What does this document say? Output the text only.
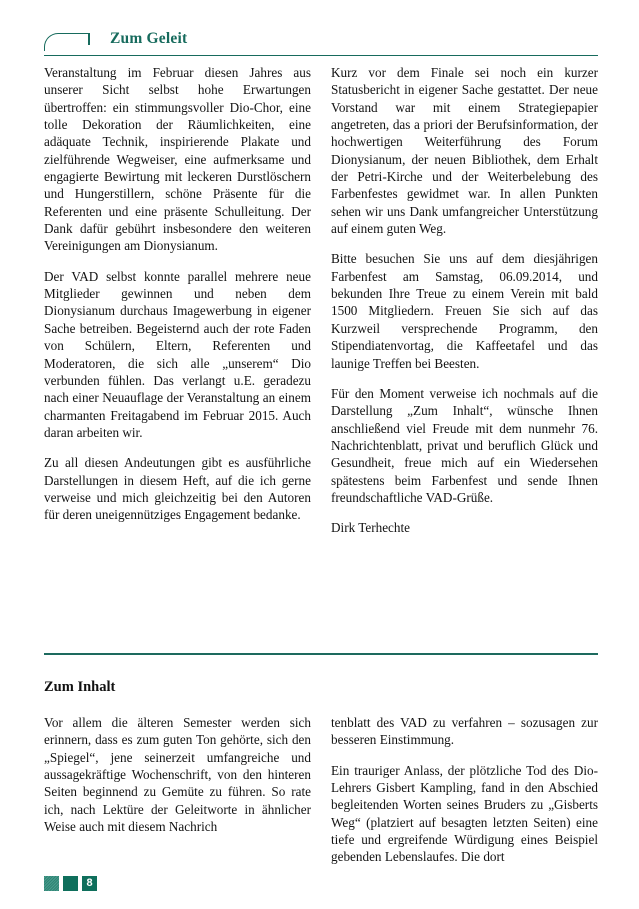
Zum Geleit

Veranstaltung im Februar diesen Jahres aus unserer Sicht selbst hohe Erwartungen übertroffen: ein stimmungsvoller Dio-Chor, eine tolle Dekoration der Räumlichkeiten, eine adäquate Technik, inspirierende Plakate und zielführende Wegweiser, eine aufmerksame und engagierte Bewirtung mit leckeren Durstlöschern und Hungerstillern, schöne Präsente für die Referenten und eine präsente Schulleitung. Der Dank dafür gebührt insbesondere den weiteren Vereinigungen am Dionysianum.

Der VAD selbst konnte parallel mehrere neue Mitglieder gewinnen und neben dem Dionysianum durchaus Imagewerbung in eigener Sache betreiben. Begeisternd auch der rote Faden von Schülern, Eltern, Referenten und Moderatoren, die sich alle „unserem“ Dio verbunden fühlen. Das verlangt u.E. geradezu nach einer Neuauflage der Veranstaltung an einem charmanten Freitagabend im Februar 2015. Auch daran arbeiten wir.

Zu all diesen Andeutungen gibt es ausführliche Darstellungen in diesem Heft, auf die ich gerne verweise und mich gleichzeitig bei den Autoren für deren uneigennütziges Engagement bedanke.

Kurz vor dem Finale sei noch ein kurzer Statusbericht in eigener Sache gestattet. Der neue Vorstand war mit einem Strategiepapier angetreten, das a priori der Berufsinformation, der hochwertigen Weiterführung des Forum Dionysianum, der neuen Bibliothek, dem Erhalt der Petri-Kirche und der Weiterbelebung des Farbenfestes gewidmet war. In allen Punkten sehen wir uns Dank umfangreicher Unterstützung auf einem guten Weg.

Bitte besuchen Sie uns auf dem diesjährigen Farbenfest am Samstag, 06.09.2014, und bekunden Ihre Treue zu einem Verein mit bald 1500 Mitgliedern. Freuen Sie sich auf das Kurzweil versprechende Programm, den Stipendiatenvortag, die Kaffeetafel und das launige Treffen bei Beesten.

Für den Moment verweise ich nochmals auf die Darstellung „Zum Inhalt“, wünsche Ihnen anschließend viel Freude mit dem nunmehr 76. Nachrichtenblatt, privat und beruflich Glück und Gesundheit, freue mich auf ein Wiedersehen spätestens beim Farbenfest und sende Ihnen freundschaftliche VAD-Grüße.

Dirk Terhechte

Zum Inhalt

Vor allem die älteren Semester werden sich erinnern, dass es zum guten Ton gehörte, sich den „Spiegel“, jene seinerzeit umfangreiche und aussagekräftige Wochenschrift, von den hinteren Seiten beginnend zu Gemüte zu führen. So rate ich, nach Lektüre der Geleitworte in ähnlicher Weise auch mit diesem Nachrich

tenblatt des VAD zu verfahren – sozusagen zur besseren Einstimmung.

Ein trauriger Anlass, der plötzliche Tod des Dio-Lehrers Gisbert Kampling, fand in den Abschied begleitenden Worten seines Bruders zu „Gisberts Weg“ (platziert auf besagten letzten Seiten) eine tiefe und ergreifende Würdigung eines Beispiel gebenden Lebenslaufes. Die dort

8
